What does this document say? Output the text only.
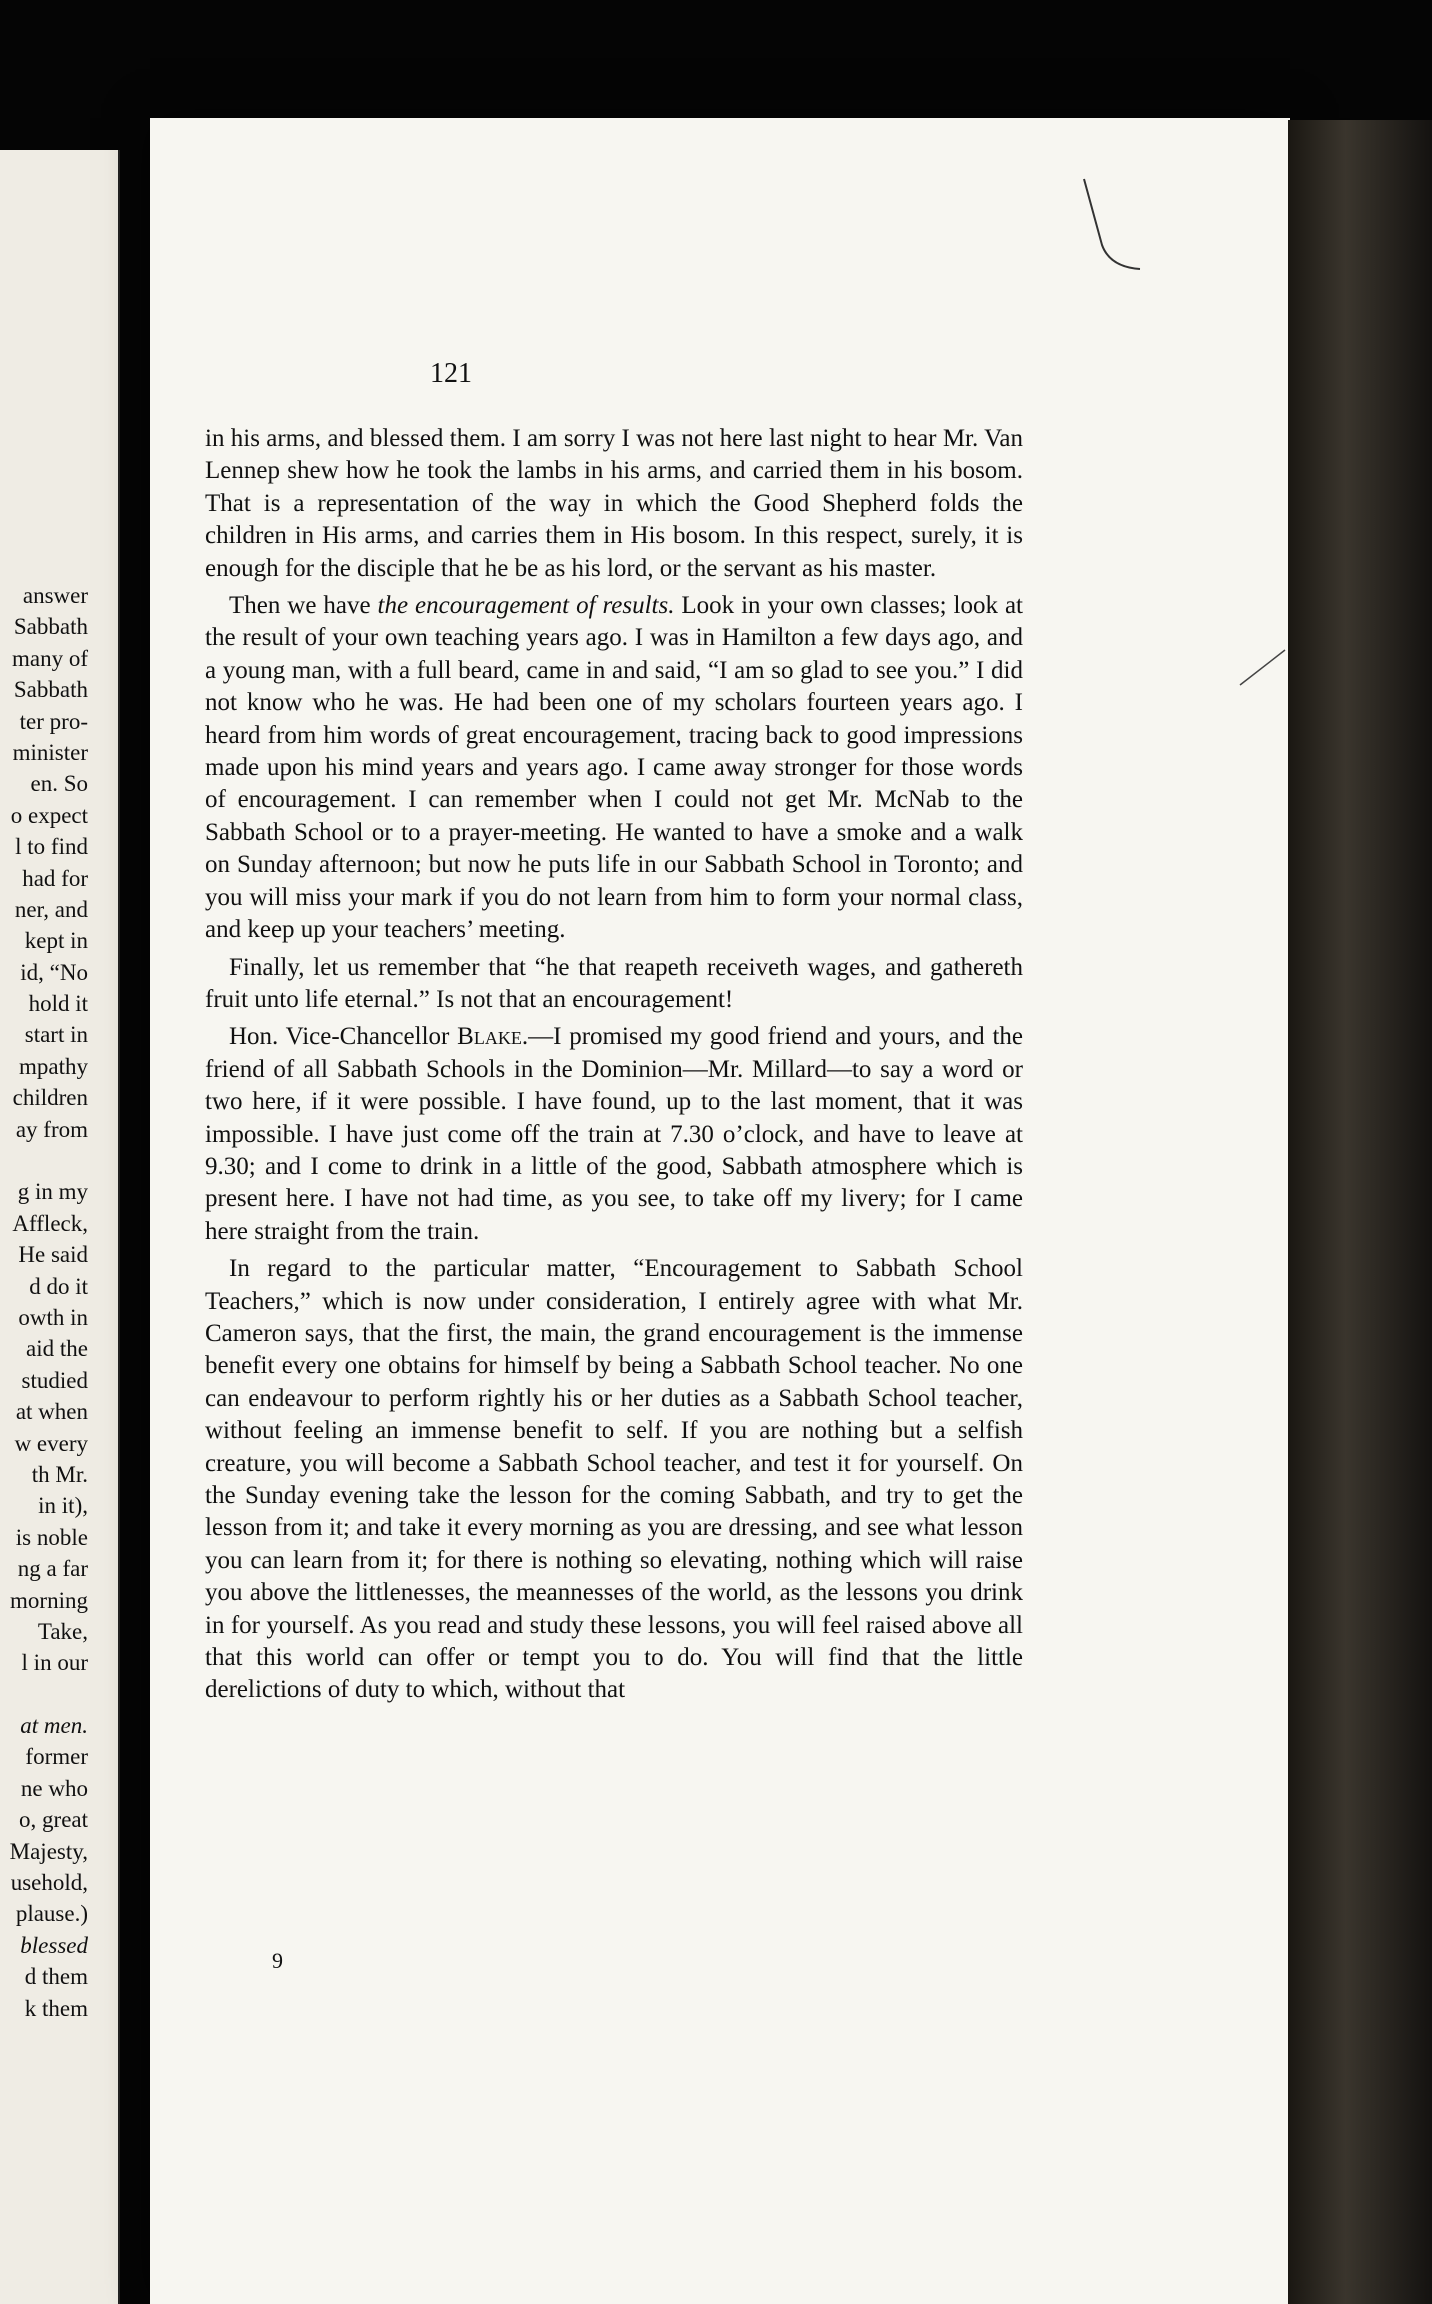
answer
Sabbath
many of
Sabbath
ter pro-
minister
en. So
o expect
l to find
had for
ner, and
kept in
id, “No
hold it
start in
mpathy
children
ay from
g in my
Affleck,
He said
d do it
owth in
aid the
studied
at when
w every
th Mr.
in it),
is noble
ng a far
morning
Take,
l in our
at men.
former
ne who
o, great
Majesty,
usehold,
plause.)
blessed
d them
k them
121

in his arms, and blessed them. I am sorry I was not here last night to hear Mr. Van Lennep shew how he took the lambs in his arms, and carried them in his bosom. That is a representation of the way in which the Good Shepherd folds the children in His arms, and carries them in His bosom. In this respect, surely, it is enough for the disciple that he be as his lord, or the servant as his master.

Then we have the encouragement of results. Look in your own classes; look at the result of your own teaching years ago. I was in Hamilton a few days ago, and a young man, with a full beard, came in and said, “I am so glad to see you.” I did not know who he was. He had been one of my scholars fourteen years ago. I heard from him words of great encouragement, tracing back to good impressions made upon his mind years and years ago. I came away stronger for those words of encouragement. I can remember when I could not get Mr. McNab to the Sabbath School or to a prayer-meeting. He wanted to have a smoke and a walk on Sunday afternoon; but now he puts life in our Sabbath School in Toronto; and you will miss your mark if you do not learn from him to form your normal class, and keep up your teachers’ meeting.

Finally, let us remember that “he that reapeth receiveth wages, and gathereth fruit unto life eternal.” Is not that an encouragement!

Hon. Vice-Chancellor Blake.—I promised my good friend and yours, and the friend of all Sabbath Schools in the Dominion—Mr. Millard—to say a word or two here, if it were possible. I have found, up to the last moment, that it was impossible. I have just come off the train at 7.30 o’clock, and have to leave at 9.30; and I come to drink in a little of the good, Sabbath atmosphere which is present here. I have not had time, as you see, to take off my livery; for I came here straight from the train.

In regard to the particular matter, “Encouragement to Sabbath School Teachers,” which is now under consideration, I entirely agree with what Mr. Cameron says, that the first, the main, the grand encouragement is the immense benefit every one obtains for himself by being a Sabbath School teacher. No one can endeavour to perform rightly his or her duties as a Sabbath School teacher, without feeling an immense benefit to self. If you are nothing but a selfish creature, you will become a Sabbath School teacher, and test it for yourself. On the Sunday evening take the lesson for the coming Sabbath, and try to get the lesson from it; and take it every morning as you are dressing, and see what lesson you can learn from it; for there is nothing so elevating, nothing which will raise you above the littlenesses, the meannesses of the world, as the lessons you drink in for yourself. As you read and study these lessons, you will feel raised above all that this world can offer or tempt you to do. You will find that the little derelictions of duty to which, without that

9
